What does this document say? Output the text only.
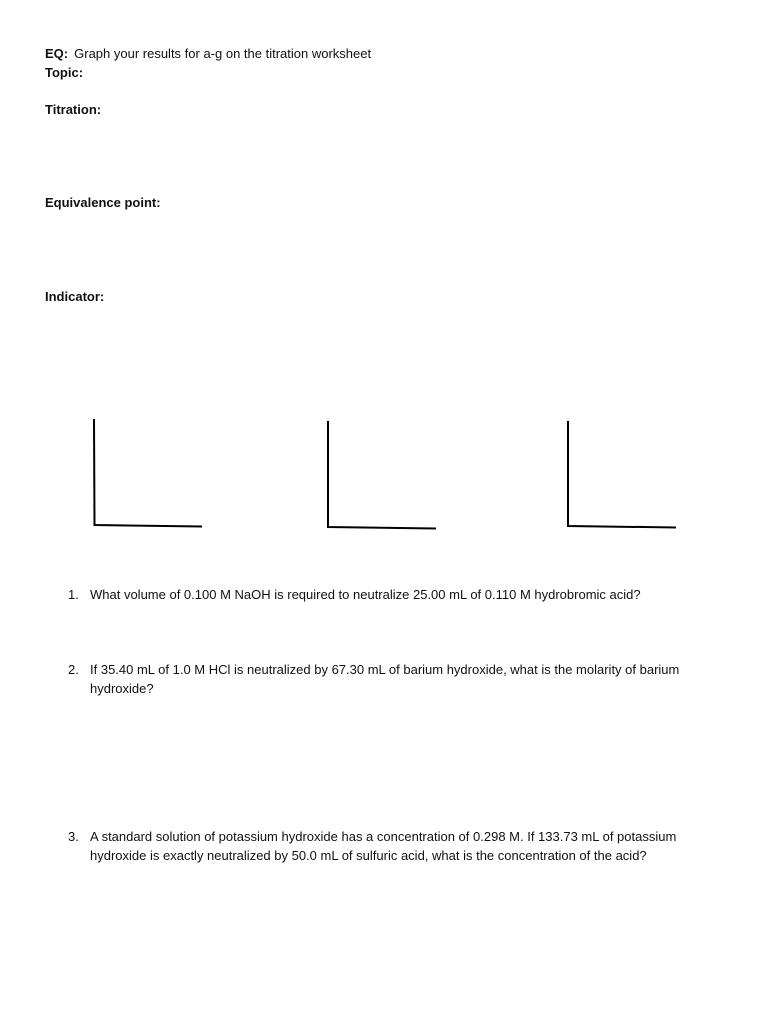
EQ: Graph your results for a-g on the titration worksheet
Topic:
Titration:
Equivalence point:
Indicator:
1. What volume of 0.100 M NaOH is required to neutralize 25.00 mL of 0.110 M hydrobromic acid?
2. If 35.40 mL of 1.0 M HCl is neutralized by 67.30 mL of barium hydroxide, what is the molarity of barium hydroxide?
3. A standard solution of potassium hydroxide has a concentration of 0.298 M. If 133.73 mL of potassium hydroxide is exactly neutralized by 50.0 mL of sulfuric acid, what is the concentration of the acid?
